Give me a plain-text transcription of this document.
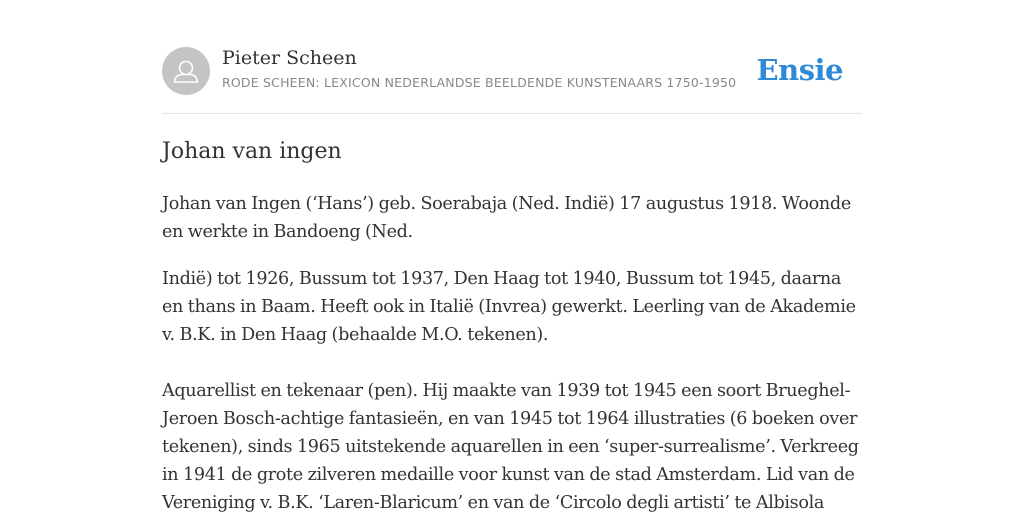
Pieter Scheen
RODE SCHEEN: LEXICON NEDERLANDSE BEELDENDE KUNSTENAARS 1750-1950 Ensie
Johan van ingen

Johan van Ingen (‘Hans’) geb. Soerabaja (Ned. Indië) 17 augustus 1918. Woonde en werkte in Bandoeng (Ned.

Indië) tot 1926, Bussum tot 1937, Den Haag tot 1940, Bussum tot 1945, daarna en thans in Baam. Heeft ook in Italië (Invrea) gewerkt. Leerling van de Akademie v. B.K. in Den Haag (behaalde M.O. tekenen).

Aquarellist en tekenaar (pen). Hij maakte van 1939 tot 1945 een soort Brueghel-Jeroen Bosch-achtige fantasieën, en van 1945 tot 1964 illustraties (6 boeken over tekenen), sinds 1965 uitstekende aquarellen in een ‘super-surrealisme’. Verkreeg in 1941 de grote zilveren medaille voor kunst van de stad Amsterdam. Lid van de Vereniging v. B.K. ‘Laren-Blaricum’ en van de ‘Circolo degli artisti’ te Albisola
